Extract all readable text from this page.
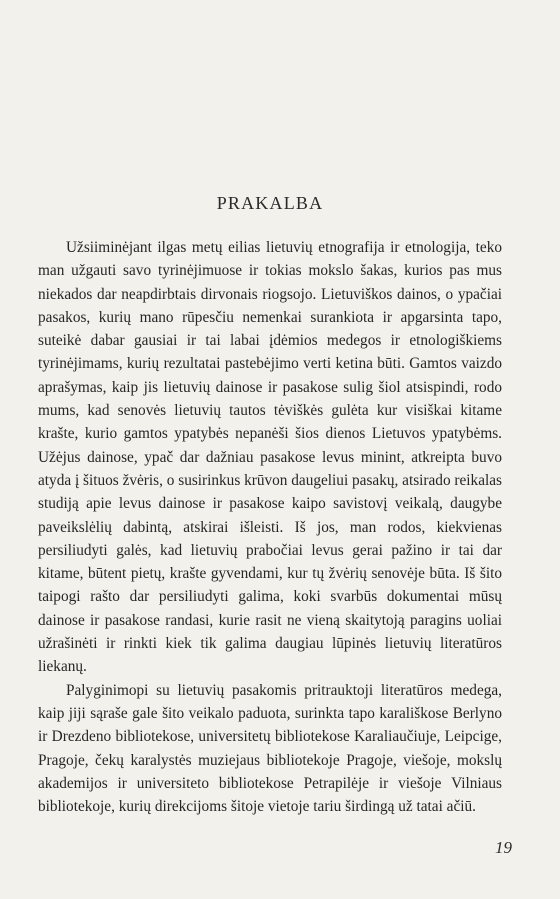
PRAKALBA

Užsiiminėjant ilgas metų eilias lietuvių etnografija ir etnologija, teko man užgauti savo tyrinėjimuose ir tokias mokslo šakas, kurios pas mus niekados dar neapdirbtais dirvonais riogsojo. Lietuviškos dainos, o ypačiai pasakos, kurių mano rūpesčiu nemenkai surankiota ir apgarsinta tapo, suteikė dabar gausiai ir tai labai įdėmios medegos ir etnologiškiems tyrinėjimams, kurių rezultatai pastebėjimo verti ketina būti. Gamtos vaizdo aprašymas, kaip jis lietuvių dainose ir pasakose sulig šiol atsispindi, rodo mums, kad senovės lietuvių tautos tėviškės gulėta kur visiškai kitame krašte, kurio gamtos ypatybės nepanėši šios dienos Lietuvos ypatybėms. Užėjus dainose, ypač dar dažniau pasakose levus minint, atkreipta buvo atyda į šituos žvėris, o susirinkus krūvon daugeliui pasakų, atsirado reikalas studiją apie levus dainose ir pasakose kaipo savistovį veikalą, daugybe paveikslėlių dabintą, atskirai išleisti. Iš jos, man rodos, kiekvienas persiliudyti galės, kad lietuvių prabočiai levus gerai pažino ir tai dar kitame, būtent pietų, krašte gyvendami, kur tų žvėrių senovėje būta. Iš šito taipogi rašto dar persiliudyti galima, koki svarbūs dokumentai mūsų dainose ir pasakose randasi, kurie rasit ne vieną skaitytoją paragins uoliai užrašinėti ir rinkti kiek tik galima daugiau lūpinės lietuvių literatūros liekanų.

Palyginimopi su lietuvių pasakomis pritrauktoji literatūros medega, kaip jiji sąraše gale šito veikalo paduota, surinkta tapo karališkose Berlyno ir Drezdeno bibliotekose, universitetų bibliotekose Karaliaučiuje, Leipcige, Pragoje, čekų karalystės muziejaus bibliotekoje Pragoje, viešoje, mokslų akademijos ir universiteto bibliotekose Petrapilėje ir viešoje Vilniaus bibliotekoje, kurių direkcijoms šitoje vietoje tariu širdingą už tatai ačiū.

19
